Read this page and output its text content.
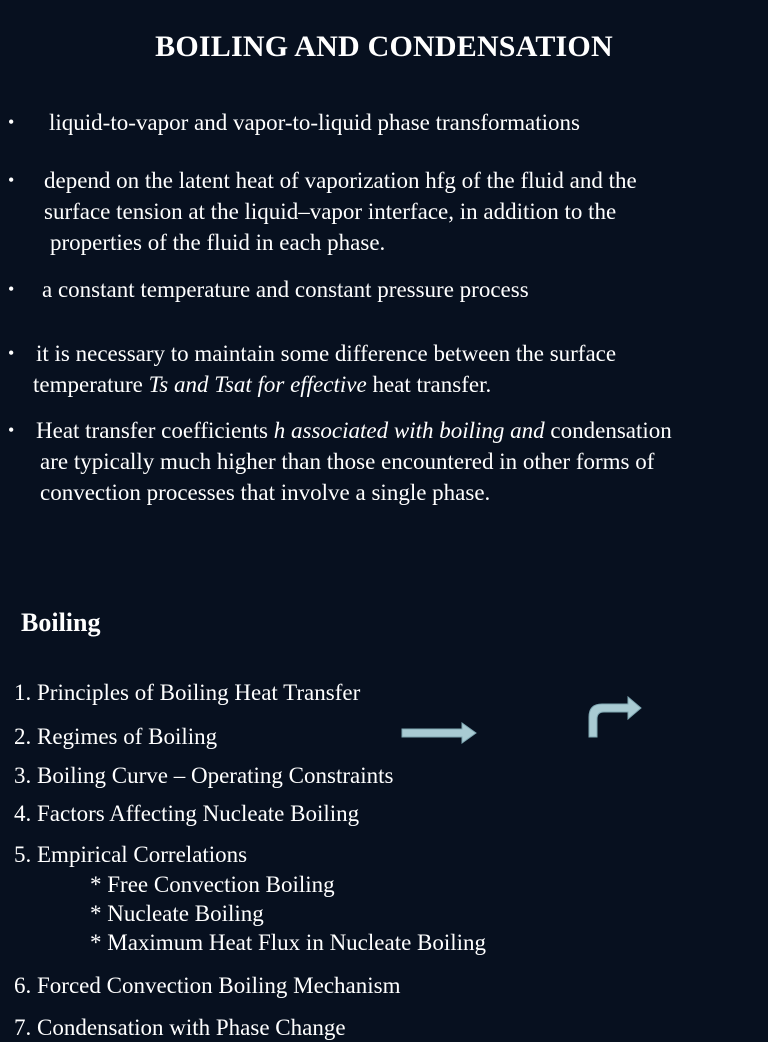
BOILING AND CONDENSATION
• liquid-to-vapor and vapor-to-liquid phase transformations
• depend on the latent heat of vaporization hfg of the fluid and the
surface tension at the liquid–vapor interface, in addition to the
properties of the fluid in each phase.
• a constant temperature and constant pressure process
• it is necessary to maintain some difference between the surface
temperature Ts and Tsat for effective heat transfer.
• Heat transfer coefficients h associated with boiling and condensation
are typically much higher than those encountered in other forms of
convection processes that involve a single phase.
Boiling
1. Principles of Boiling Heat Transfer
2. Regimes of Boiling
3. Boiling Curve – Operating Constraints
4. Factors Affecting Nucleate Boiling
5. Empirical Correlations
* Free Convection Boiling
* Nucleate Boiling
* Maximum Heat Flux in Nucleate Boiling
6. Forced Convection Boiling Mechanism
7. Condensation with Phase Change
